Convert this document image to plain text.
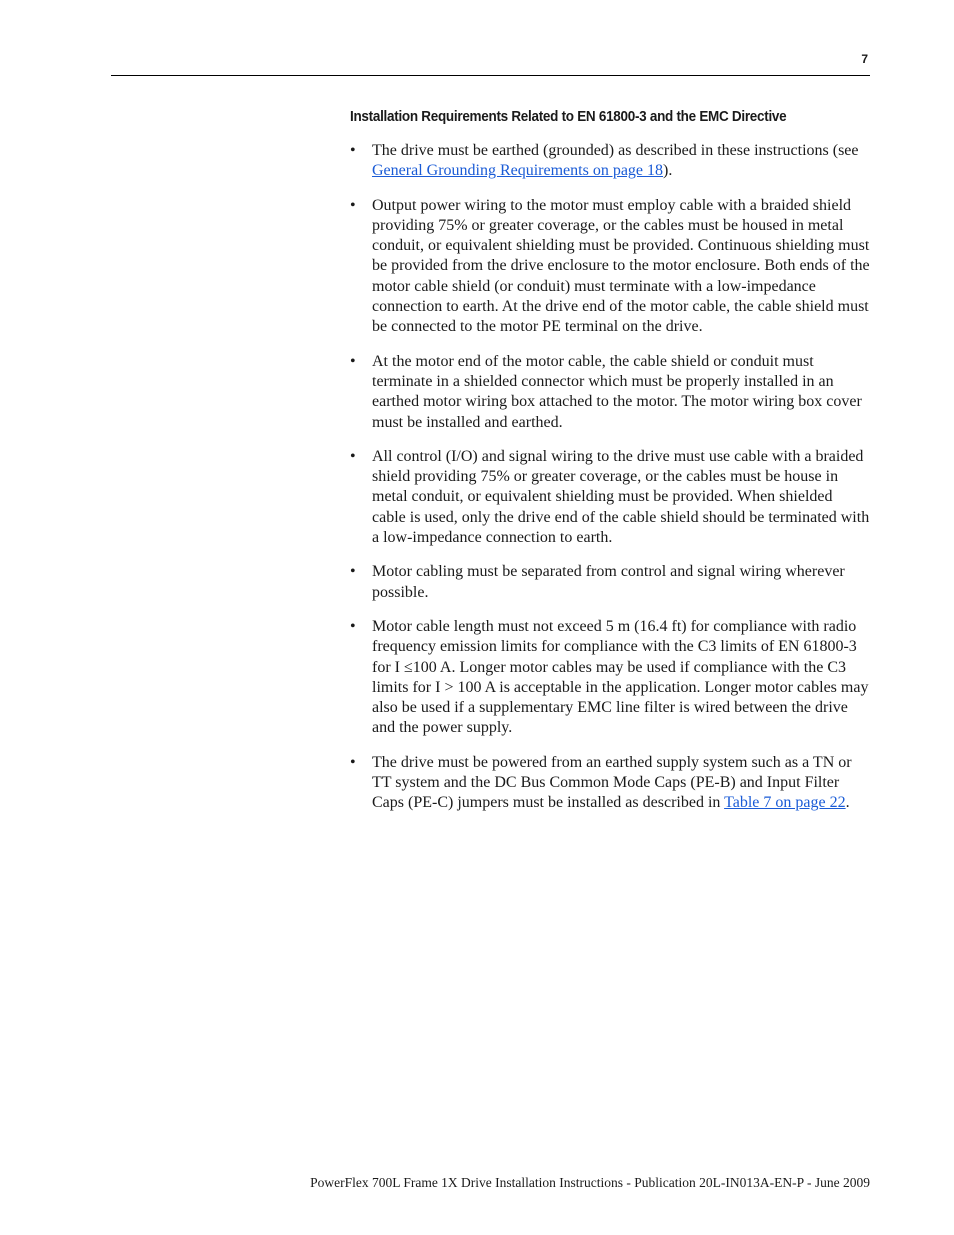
7
Installation Requirements Related to EN 61800-3 and the EMC Directive
• The drive must be earthed (grounded) as described in these instructions (see General Grounding Requirements on page 18).
• Output power wiring to the motor must employ cable with a braided shield providing 75% or greater coverage, or the cables must be housed in metal conduit, or equivalent shielding must be provided. Continuous shielding must be provided from the drive enclosure to the motor enclosure. Both ends of the motor cable shield (or conduit) must terminate with a low-impedance connection to earth. At the drive end of the motor cable, the cable shield must be connected to the motor PE terminal on the drive.
• At the motor end of the motor cable, the cable shield or conduit must terminate in a shielded connector which must be properly installed in an earthed motor wiring box attached to the motor. The motor wiring box cover must be installed and earthed.
• All control (I/O) and signal wiring to the drive must use cable with a braided shield providing 75% or greater coverage, or the cables must be house in metal conduit, or equivalent shielding must be provided. When shielded cable is used, only the drive end of the cable shield should be terminated with a low-impedance connection to earth.
• Motor cabling must be separated from control and signal wiring wherever possible.
• Motor cable length must not exceed 5 m (16.4 ft) for compliance with radio frequency emission limits for compliance with the C3 limits of EN 61800-3 for I ≤100 A. Longer motor cables may be used if compliance with the C3 limits for I > 100 A is acceptable in the application. Longer motor cables may also be used if a supplementary EMC line filter is wired between the drive and the power supply.
• The drive must be powered from an earthed supply system such as a TN or TT system and the DC Bus Common Mode Caps (PE-B) and Input Filter Caps (PE-C) jumpers must be installed as described in Table 7 on page 22.
PowerFlex 700L Frame 1X Drive Installation Instructions - Publication 20L-IN013A-EN-P - June 2009
